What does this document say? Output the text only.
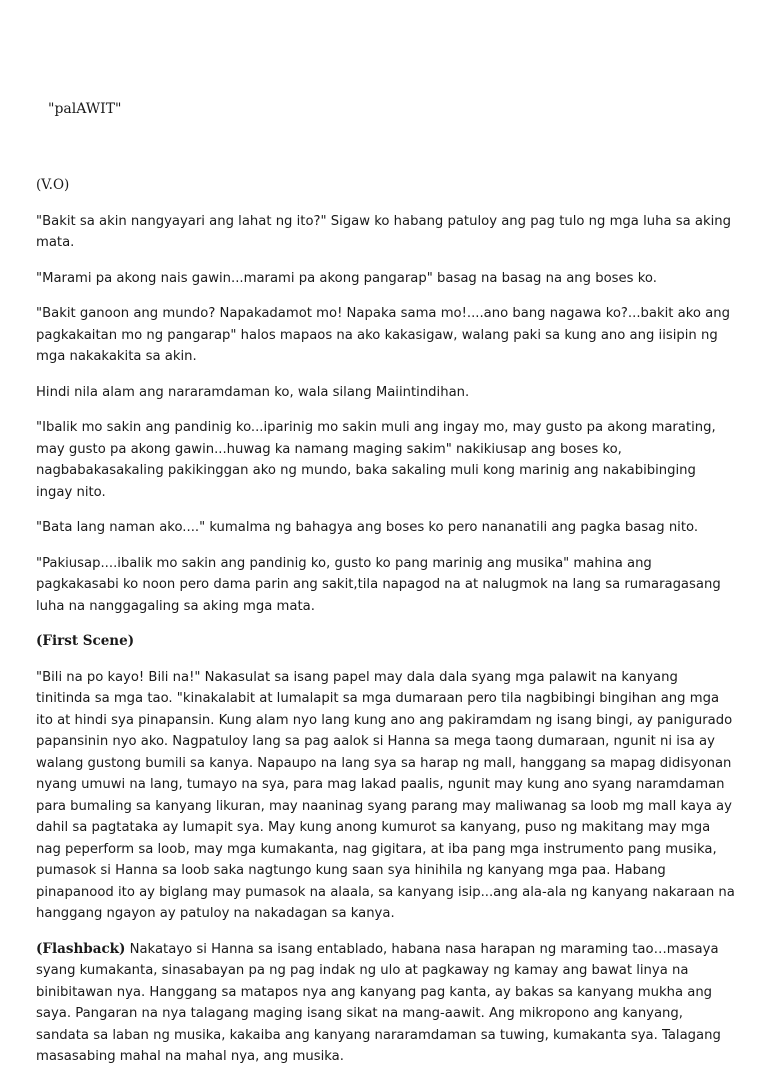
"palAWIT"

(V.O)

"Bakit sa akin nangyayari ang lahat ng ito?" Sigaw ko habang patuloy ang pag tulo ng mga luha sa aking mata.

"Marami pa akong nais gawin...marami pa akong pangarap" basag na basag na ang boses ko.

"Bakit ganoon ang mundo? Napakadamot mo! Napaka sama mo!....ano bang nagawa ko?...bakit ako ang pagkakaitan mo ng pangarap" halos mapaos na ako kakasigaw, walang paki sa kung ano ang iisipin ng mga nakakakita sa akin.

Hindi nila alam ang nararamdaman ko, wala silang Maiintindihan.

"Ibalik mo sakin ang pandinig ko...iparinig mo sakin muli ang ingay mo, may gusto pa akong marating, may gusto pa akong gawin...huwag ka namang maging sakim" nakikiusap ang boses ko, nagbabakasakaling pakikinggan ako ng mundo, baka sakaling muli kong marinig ang nakabibinging ingay nito.

"Bata lang naman ako...." kumalma ng bahagya ang boses ko pero nananatili ang pagka basag nito.

"Pakiusap....ibalik mo sakin ang pandinig ko, gusto ko pang marinig ang musika" mahina ang pagkakasabi ko noon pero dama parin ang sakit,tila napagod na at nalugmok na lang sa rumaragasang luha na nanggagaling sa aking mga mata.

(First Scene)

"Bili na po kayo! Bili na!" Nakasulat sa isang papel may dala dala syang mga palawit na kanyang tinitinda sa mga tao. "kinakalabit at lumalapit sa mga dumaraan pero tila nagbibingi bingihan ang mga ito at hindi sya pinapansin. Kung alam nyo lang kung ano ang pakiramdam ng isang bingi, ay panigurado papansinin nyo ako. Nagpatuloy lang sa pag aalok si Hanna sa mega taong dumaraan, ngunit ni isa ay walang gustong bumili sa kanya. Napaupo na lang sya sa harap ng mall, hanggang sa mapag didisyonan nyang umuwi na lang, tumayo na sya, para mag lakad paalis, ngunit may kung ano syang naramdaman para bumaling sa kanyang likuran, may naaninag syang parang may maliwanag sa loob mg mall kaya ay dahil sa pagtataka ay lumapit sya. May kung anong kumurot sa kanyang, puso ng makitang may mga nag peperform sa loob, may mga kumakanta, nag gigitara, at iba pang mga instrumento pang musika, pumasok si Hanna sa loob saka nagtungo kung saan sya hinihila ng kanyang mga paa. Habang pinapanood ito ay biglang may pumasok na alaala, sa kanyang isip...ang ala-ala ng kanyang nakaraan na hanggang ngayon ay patuloy na nakadagan sa kanya.

(Flashback) Nakatayo si Hanna sa isang entablado, habana nasa harapan ng maraming tao…masaya syang kumakanta, sinasabayan pa ng pag indak ng ulo at pagkaway ng kamay ang bawat linya na binibitawan nya. Hanggang sa matapos nya ang kanyang pag kanta, ay bakas sa kanyang mukha ang saya. Pangaran na nya talagang maging isang sikat na mang-aawit. Ang mikropono ang kanyang, sandata sa laban ng musika, kakaiba ang kanyang nararamdaman sa tuwing, kumakanta sya. Talagang masasabing mahal na mahal nya, ang musika.
